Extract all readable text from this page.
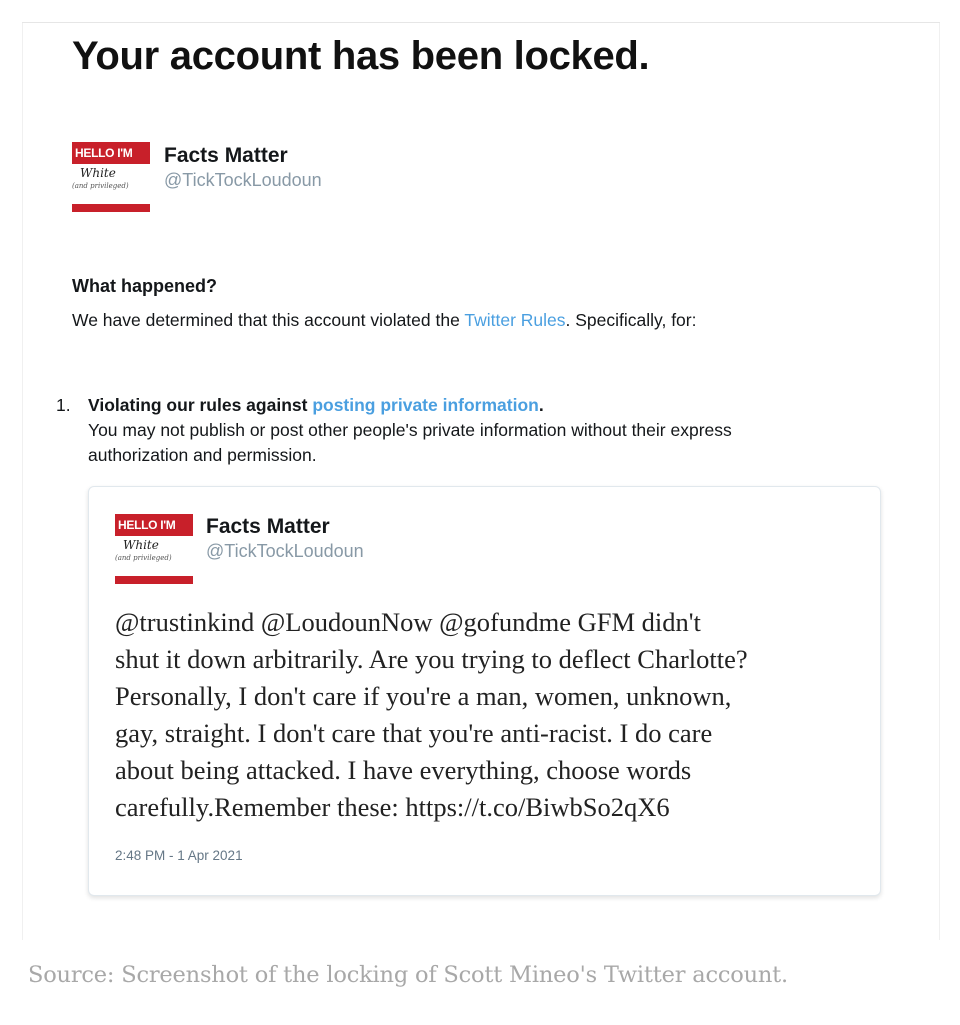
Your account has been locked.
HELLO I'M
White
(and privileged)
Facts Matter
@TickTockLoudoun
What happened?
We have determined that this account violated the Twitter Rules. Specifically, for:
1. Violating our rules against posting private information.
You may not publish or post other people's private information without their express
authorization and permission.
HELLO I'M
White
(and privileged)
Facts Matter
@TickTockLoudoun
@trustinkind @LoudounNow @gofundme GFM didn't
shut it down arbitrarily. Are you trying to deflect Charlotte?
Personally, I don't care if you're a man, women, unknown,
gay, straight. I don't care that you're anti-racist. I do care
about being attacked. I have everything, choose words
carefully.Remember these: https://t.co/BiwbSo2qX6
2:48 PM - 1 Apr 2021
Source: Screenshot of the locking of Scott Mineo's Twitter account.
